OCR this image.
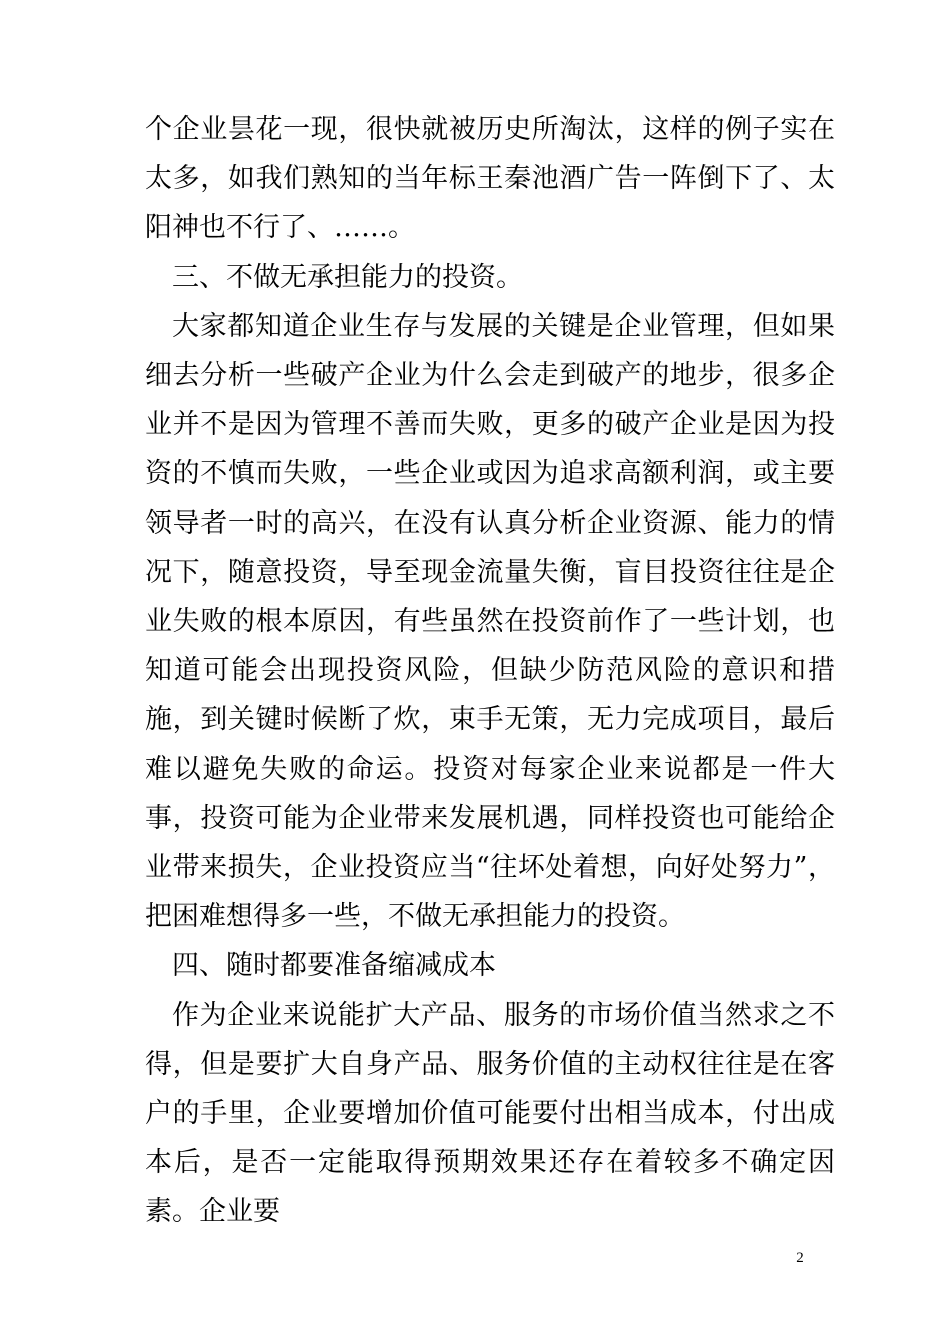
个企业昙花一现，很快就被历史所淘汰，这样的例子实在太多，如我们熟知的当年标王秦池酒广告一阵倒下了、太阳神也不行了、……。

三、不做无承担能力的投资。

大家都知道企业生存与发展的关键是企业管理，但如果细去分析一些破产企业为什么会走到破产的地步，很多企业并不是因为管理不善而失败，更多的破产企业是因为投资的不慎而失败，一些企业或因为追求高额利润，或主要领导者一时的高兴，在没有认真分析企业资源、能力的情况下，随意投资，导至现金流量失衡，盲目投资往往是企业失败的根本原因，有些虽然在投资前作了一些计划，也知道可能会出现投资风险，但缺少防范风险的意识和措施，到关键时候断了炊，束手无策，无力完成项目，最后难以避免失败的命运。投资对每家企业来说都是一件大事，投资可能为企业带来发展机遇，同样投资也可能给企业带来损失，企业投资应当“往坏处着想，向好处努力”，把困难想得多一些，不做无承担能力的投资。

四、随时都要准备缩减成本

作为企业来说能扩大产品、服务的市场价值当然求之不得，但是要扩大自身产品、服务价值的主动权往往是在客户的手里，企业要增加价值可能要付出相当成本，付出成本后，是否一定能取得预期效果还存在着较多不确定因素。企业要

2
